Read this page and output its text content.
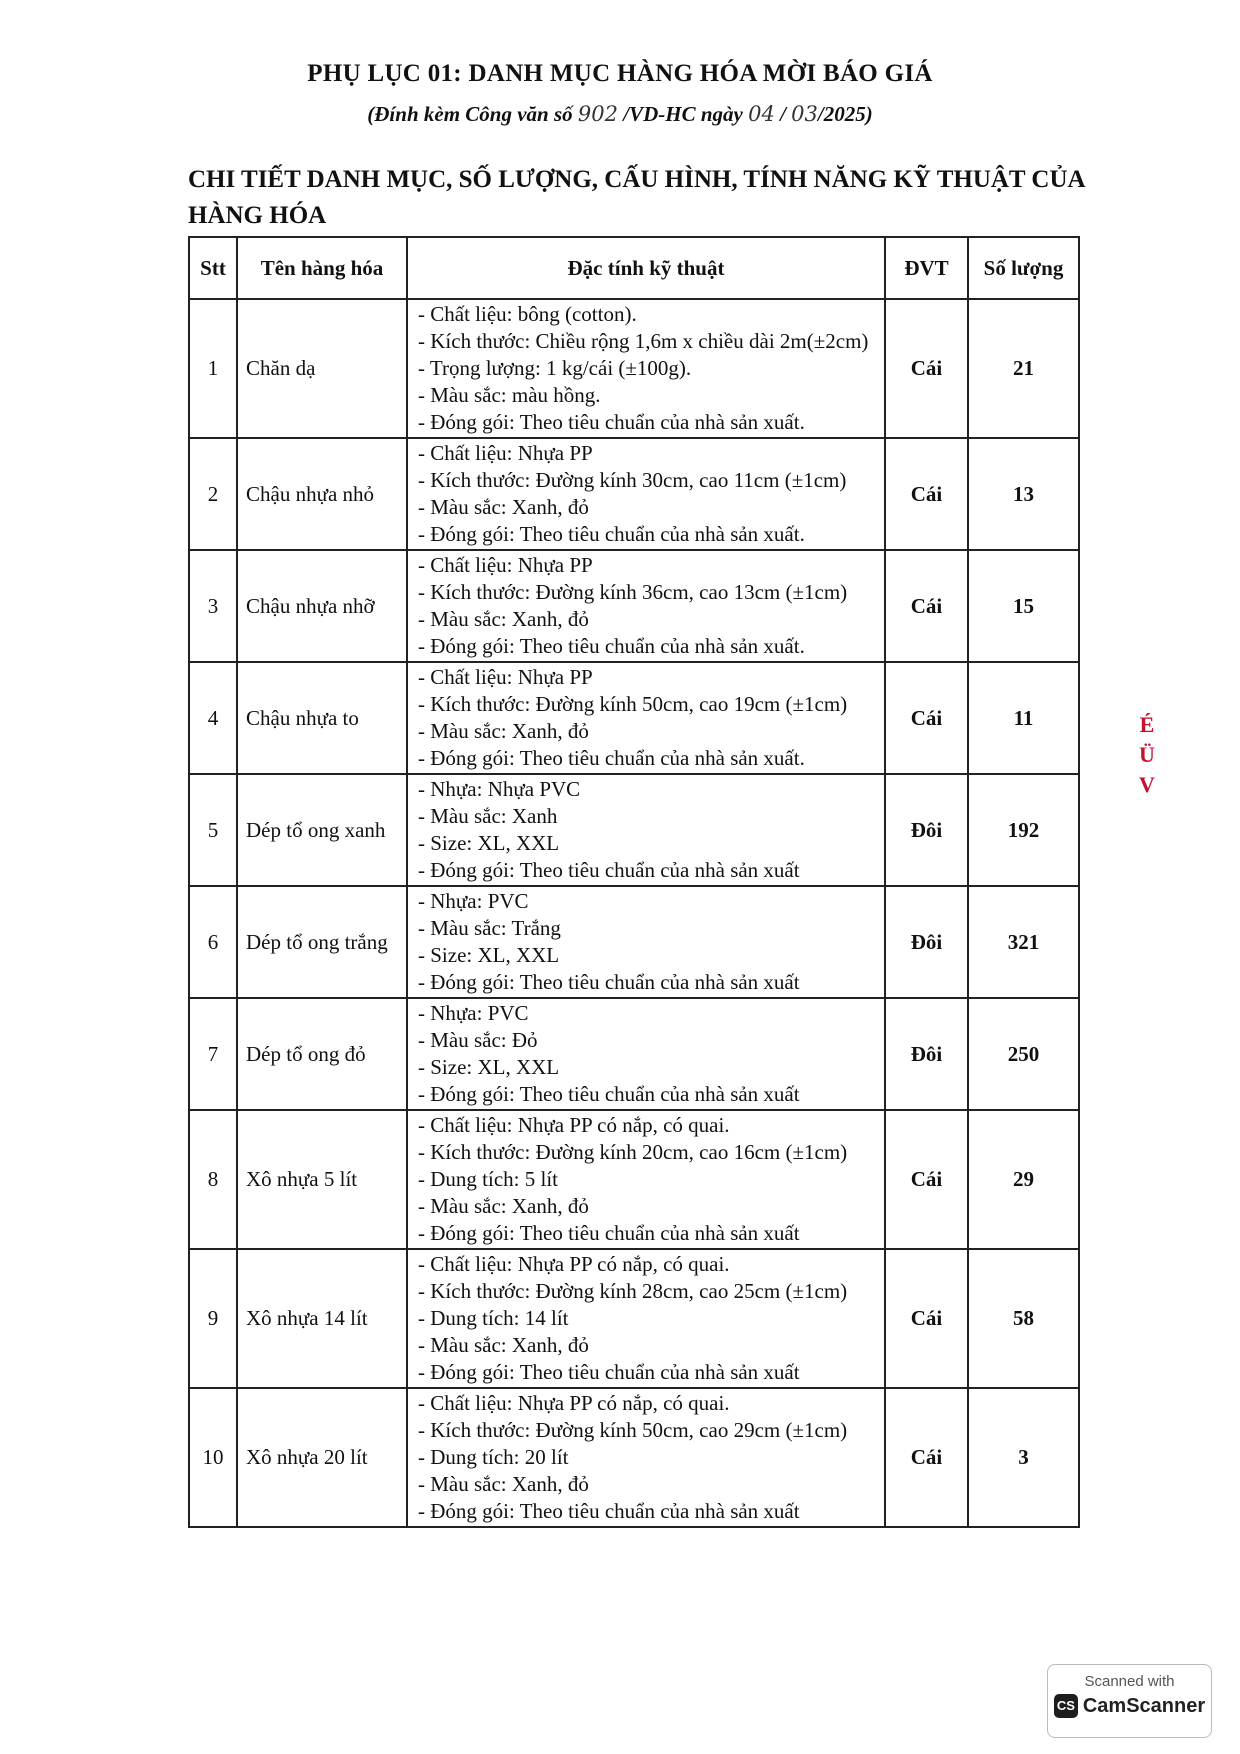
PHỤ LỤC 01: DANH MỤC HÀNG HÓA MỜI BÁO GIÁ
(Đính kèm Công văn số 902 /VD-HC ngày 04 / 03/2025)
CHI TIẾT DANH MỤC, SỐ LƯỢNG, CẤU HÌNH, TÍNH NĂNG KỸ THUẬT CỦA HÀNG HÓA
Stt	Tên hàng hóa	Đặc tính kỹ thuật	ĐVT	Số lượng
1	Chăn dạ	- Chất liệu: bông (cotton).
- Kích thước: Chiều rộng 1,6m x chiều dài 2m(±2cm)
- Trọng lượng: 1 kg/cái (±100g).
- Màu sắc: màu hồng.
- Đóng gói: Theo tiêu chuẩn của nhà sản xuất.	Cái	21
2	Chậu nhựa nhỏ	- Chất liệu: Nhựa PP
- Kích thước: Đường kính 30cm, cao 11cm (±1cm)
- Màu sắc: Xanh, đỏ
- Đóng gói: Theo tiêu chuẩn của nhà sản xuất.	Cái	13
3	Chậu nhựa nhỡ	- Chất liệu: Nhựa PP
- Kích thước: Đường kính 36cm, cao 13cm (±1cm)
- Màu sắc: Xanh, đỏ
- Đóng gói: Theo tiêu chuẩn của nhà sản xuất.	Cái	15
4	Chậu nhựa to	- Chất liệu: Nhựa PP
- Kích thước: Đường kính 50cm, cao 19cm (±1cm)
- Màu sắc: Xanh, đỏ
- Đóng gói: Theo tiêu chuẩn của nhà sản xuất.	Cái	11
5	Dép tổ ong xanh	- Nhựa: Nhựa PVC
- Màu sắc: Xanh
- Size: XL, XXL
- Đóng gói: Theo tiêu chuẩn của nhà sản xuất	Đôi	192
6	Dép tổ ong trắng	- Nhựa: PVC
- Màu sắc: Trắng
- Size: XL, XXL
- Đóng gói: Theo tiêu chuẩn của nhà sản xuất	Đôi	321
7	Dép tổ ong đỏ	- Nhựa: PVC
- Màu sắc: Đỏ
- Size: XL, XXL
- Đóng gói: Theo tiêu chuẩn của nhà sản xuất	Đôi	250
8	Xô nhựa 5 lít	- Chất liệu: Nhựa PP có nắp, có quai.
- Kích thước: Đường kính 20cm, cao 16cm (±1cm)
- Dung tích: 5 lít
- Màu sắc: Xanh, đỏ
- Đóng gói: Theo tiêu chuẩn của nhà sản xuất	Cái	29
9	Xô nhựa 14 lít	- Chất liệu: Nhựa PP có nắp, có quai.
- Kích thước: Đường kính 28cm, cao 25cm (±1cm)
- Dung tích: 14 lít
- Màu sắc: Xanh, đỏ
- Đóng gói: Theo tiêu chuẩn của nhà sản xuất	Cái	58
10	Xô nhựa 20 lít	- Chất liệu: Nhựa PP có nắp, có quai.
- Kích thước: Đường kính 50cm, cao 29cm (±1cm)
- Dung tích: 20 lít
- Màu sắc: Xanh, đỏ
- Đóng gói: Theo tiêu chuẩn của nhà sản xuất	Cái	3
É
Ü
V
Scanned with
CS CamScanner
